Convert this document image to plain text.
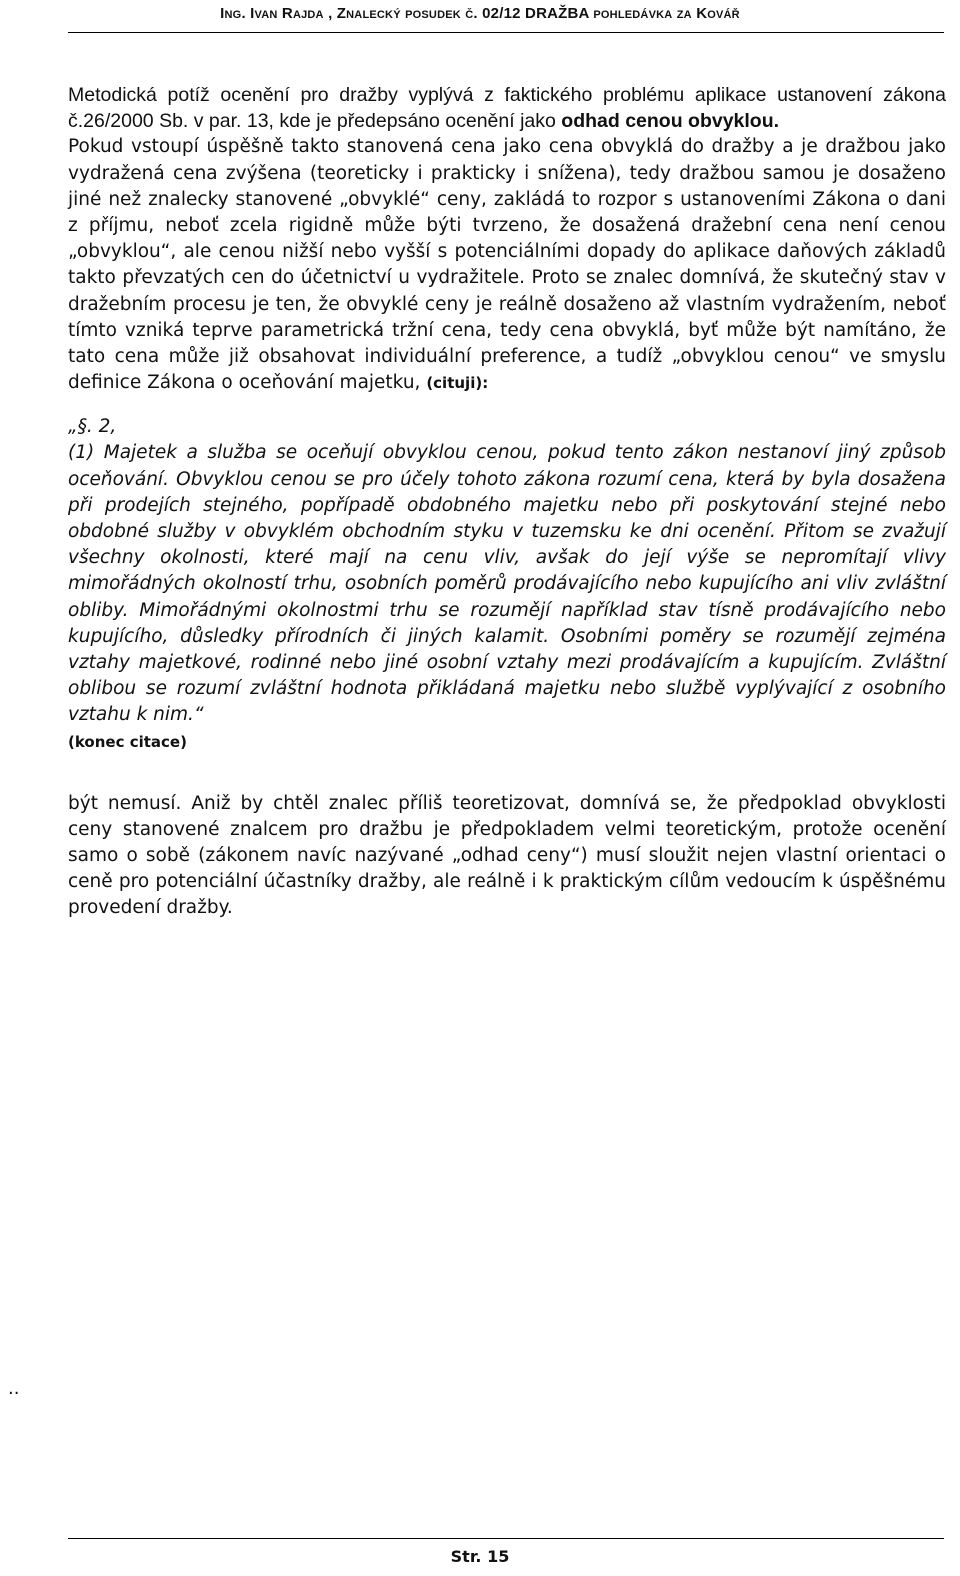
Ing. Ivan Rajda , Znalecký posudek č. 02/12 DRAŽBA pohledávka za Kovář

Metodická potíž ocenění pro dražby vyplývá z faktického problému aplikace ustanovení zákona č.26/2000 Sb. v par. 13, kde je předepsáno ocenění jako odhad cenou obvyklou.

Pokud vstoupí úspěšně takto stanovená cena jako cena obvyklá do dražby a je dražbou jako vydražená cena zvýšena (teoreticky i prakticky i snížena), tedy dražbou samou je dosaženo jiné než znalecky stanovené „obvyklé“ ceny, zakládá to rozpor s ustanoveními Zákona o dani z příjmu, neboť zcela rigidně může býti tvrzeno, že dosažená dražební cena není cenou „obvyklou“, ale cenou nižší nebo vyšší s potenciálními dopady do aplikace daňových základů takto převzatých cen do účetnictví u vydražitele. Proto se znalec domnívá, že skutečný stav v dražebním procesu je ten, že obvyklé ceny je reálně dosaženo až vlastním vydražením, neboť tímto vzniká teprve parametrická tržní cena, tedy cena obvyklá, byť může být namítáno, že tato cena může již obsahovat individuální preference, a tudíž „obvyklou cenou“ ve smyslu definice Zákona o oceňování majetku, (cituji):

„§. 2,

(1) Majetek a služba se oceňují obvyklou cenou, pokud tento zákon nestanoví jiný způsob oceňování. Obvyklou cenou se pro účely tohoto zákona rozumí cena, která by byla dosažena při prodejích stejného, popřípadě obdobného majetku nebo při poskytování stejné nebo obdobné služby v obvyklém obchodním styku v tuzemsku ke dni ocenění. Přitom se zvažují všechny okolnosti, které mají na cenu vliv, avšak do její výše se nepromítají vlivy mimořádných okolností trhu, osobních poměrů prodávajícího nebo kupujícího ani vliv zvláštní obliby. Mimořádnými okolnostmi trhu se rozumějí například stav tísně prodávajícího nebo kupujícího, důsledky přírodních či jiných kalamit. Osobními poměry se rozumějí zejména vztahy majetkové, rodinné nebo jiné osobní vztahy mezi prodávajícím a kupujícím. Zvláštní oblibou se rozumí zvláštní hodnota přikládaná majetku nebo službě vyplývající z osobního vztahu k nim.“

(konec citace)

být nemusí. Aniž by chtěl znalec příliš teoretizovat, domnívá se, že předpoklad obvyklosti ceny stanovené znalcem pro dražbu je předpokladem velmi teoretickým, protože ocenění samo o sobě (zákonem navíc nazývané „odhad ceny“) musí sloužit nejen vlastní orientaci o ceně pro potenciální účastníky dražby, ale reálně i k praktickým cílům vedoucím k úspěšnému provedení dražby.

..
Str. 15
